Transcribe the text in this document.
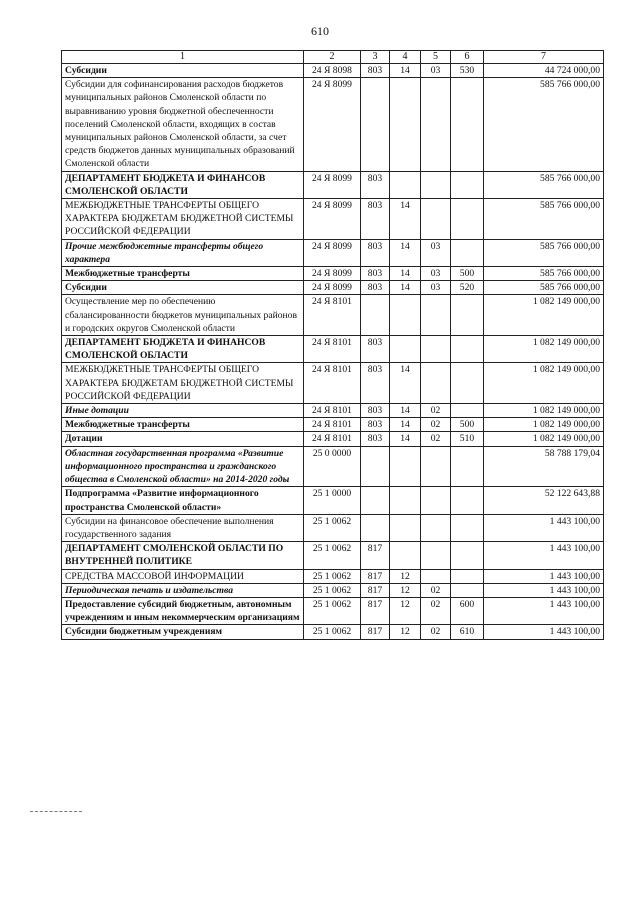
610
1	2	3	4	5	6	7
Субсидии	24 Я 8098	803	14	03	530	44 724 000,00
Субсидии для софинансирования расходов бюджетов муниципальных районов Смоленской области по выравниванию уровня бюджетной обеспеченности поселений Смоленской области, входящих в состав муниципальных районов Смоленской области, за счет средств бюджетов данных муниципальных образований Смоленской области	24 Я 8099					585 766 000,00
ДЕПАРТАМЕНТ БЮДЖЕТА И ФИНАНСОВ СМОЛЕНСКОЙ ОБЛАСТИ	24 Я 8099	803				585 766 000,00
МЕЖБЮДЖЕТНЫЕ ТРАНСФЕРТЫ ОБЩЕГО ХАРАКТЕРА БЮДЖЕТАМ БЮДЖЕТНОЙ СИСТЕМЫ РОССИЙСКОЙ ФЕДЕРАЦИИ	24 Я 8099	803	14			585 766 000,00
Прочие межбюджетные трансферты общего характера	24 Я 8099	803	14	03		585 766 000,00
Межбюджетные трансферты	24 Я 8099	803	14	03	500	585 766 000,00
Субсидии	24 Я 8099	803	14	03	520	585 766 000,00
Осуществление мер по обеспечению сбалансированности бюджетов муниципальных районов и городских округов Смоленской области	24 Я 8101					1 082 149 000,00
ДЕПАРТАМЕНТ БЮДЖЕТА И ФИНАНСОВ СМОЛЕНСКОЙ ОБЛАСТИ	24 Я 8101	803				1 082 149 000,00
МЕЖБЮДЖЕТНЫЕ ТРАНСФЕРТЫ ОБЩЕГО ХАРАКТЕРА БЮДЖЕТАМ БЮДЖЕТНОЙ СИСТЕМЫ РОССИЙСКОЙ ФЕДЕРАЦИИ	24 Я 8101	803	14			1 082 149 000,00
Иные дотации	24 Я 8101	803	14	02		1 082 149 000,00
Межбюджетные трансферты	24 Я 8101	803	14	02	500	1 082 149 000,00
Дотации	24 Я 8101	803	14	02	510	1 082 149 000,00
Областная государственная программа «Развитие информационного пространства и гражданского общества в Смоленской области» на 2014-2020 годы	25 0 0000					58 788 179,04
Подпрограмма «Развитие информационного пространства Смоленской области»	25 1 0000					52 122 643,88
Субсидии на финансовое обеспечение выполнения государственного задания	25 1 0062					1 443 100,00
ДЕПАРТАМЕНТ СМОЛЕНСКОЙ ОБЛАСТИ ПО ВНУТРЕННЕЙ ПОЛИТИКЕ	25 1 0062	817				1 443 100,00
СРЕДСТВА МАССОВОЙ ИНФОРМАЦИИ	25 1 0062	817	12			1 443 100,00
Периодическая печать и издательства	25 1 0062	817	12	02		1 443 100,00
Предоставление субсидий бюджетным, автономным учреждениям и иным некоммерческим организациям	25 1 0062	817	12	02	600	1 443 100,00
Субсидии бюджетным учреждениям	25 1 0062	817	12	02	610	1 443 100,00
